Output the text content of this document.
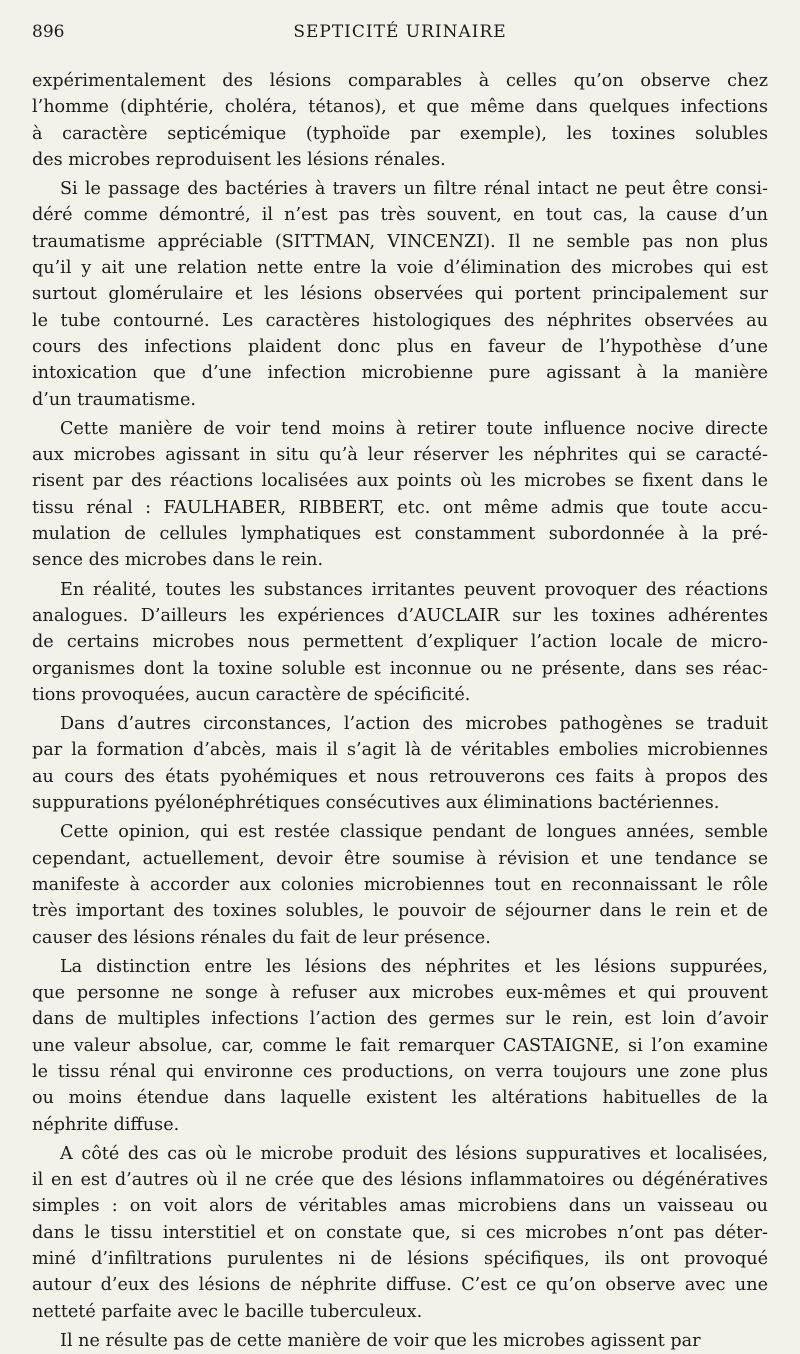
896	SEPTICITÉ URINAIRE
expérimentalement des lésions comparables à celles qu’on observe chez
l’homme (diphtérie, choléra, tétanos), et que même dans quelques infections
à caractère septicémique (typhoïde par exemple), les toxines solubles
des microbes reproduisent les lésions rénales.
Si le passage des bactéries à travers un filtre rénal intact ne peut être consi-
déré comme démontré, il n’est pas très souvent, en tout cas, la cause d’un
traumatisme appréciable (SITTMAN, VINCENZI). Il ne semble pas non plus
qu’il y ait une relation nette entre la voie d’élimination des microbes qui est
surtout glomérulaire et les lésions observées qui portent principalement sur
le tube contourné. Les caractères histologiques des néphrites observées au
cours des infections plaident donc plus en faveur de l’hypothèse d’une
intoxication que d’une infection microbienne pure agissant à la manière
d’un traumatisme.
Cette manière de voir tend moins à retirer toute influence nocive directe
aux microbes agissant in situ qu’à leur réserver les néphrites qui se caracté-
risent par des réactions localisées aux points où les microbes se fixent dans le
tissu rénal : FAULHABER, RIBBERT, etc. ont même admis que toute accu-
mulation de cellules lymphatiques est constamment subordonnée à la pré-
sence des microbes dans le rein.
En réalité, toutes les substances irritantes peuvent provoquer des réactions
analogues. D’ailleurs les expériences d’AUCLAIR sur les toxines adhérentes
de certains microbes nous permettent d’expliquer l’action locale de micro-
organismes dont la toxine soluble est inconnue ou ne présente, dans ses réac-
tions provoquées, aucun caractère de spécificité.
Dans d’autres circonstances, l’action des microbes pathogènes se traduit
par la formation d’abcès, mais il s’agit là de véritables embolies microbiennes
au cours des états pyohémiques et nous retrouverons ces faits à propos des
suppurations pyélonéphrétiques consécutives aux éliminations bactériennes.
Cette opinion, qui est restée classique pendant de longues années, semble
cependant, actuellement, devoir être soumise à révision et une tendance se
manifeste à accorder aux colonies microbiennes tout en reconnaissant le rôle
très important des toxines solubles, le pouvoir de séjourner dans le rein et de
causer des lésions rénales du fait de leur présence.
La distinction entre les lésions des néphrites et les lésions suppurées,
que personne ne songe à refuser aux microbes eux-mêmes et qui prouvent
dans de multiples infections l’action des germes sur le rein, est loin d’avoir
une valeur absolue, car, comme le fait remarquer CASTAIGNE, si l’on examine
le tissu rénal qui environne ces productions, on verra toujours une zone plus
ou moins étendue dans laquelle existent les altérations habituelles de la
néphrite diffuse.
A côté des cas où le microbe produit des lésions suppuratives et localisées,
il en est d’autres où il ne crée que des lésions inflammatoires ou dégénératives
simples : on voit alors de véritables amas microbiens dans un vaisseau ou
dans le tissu interstitiel et on constate que, si ces microbes n’ont pas déter-
miné d’infiltrations purulentes ni de lésions spécifiques, ils ont provoqué
autour d’eux des lésions de néphrite diffuse. C’est ce qu’on observe avec une
netteté parfaite avec le bacille tuberculeux.
Il ne résulte pas de cette manière de voir que les microbes agissent par
